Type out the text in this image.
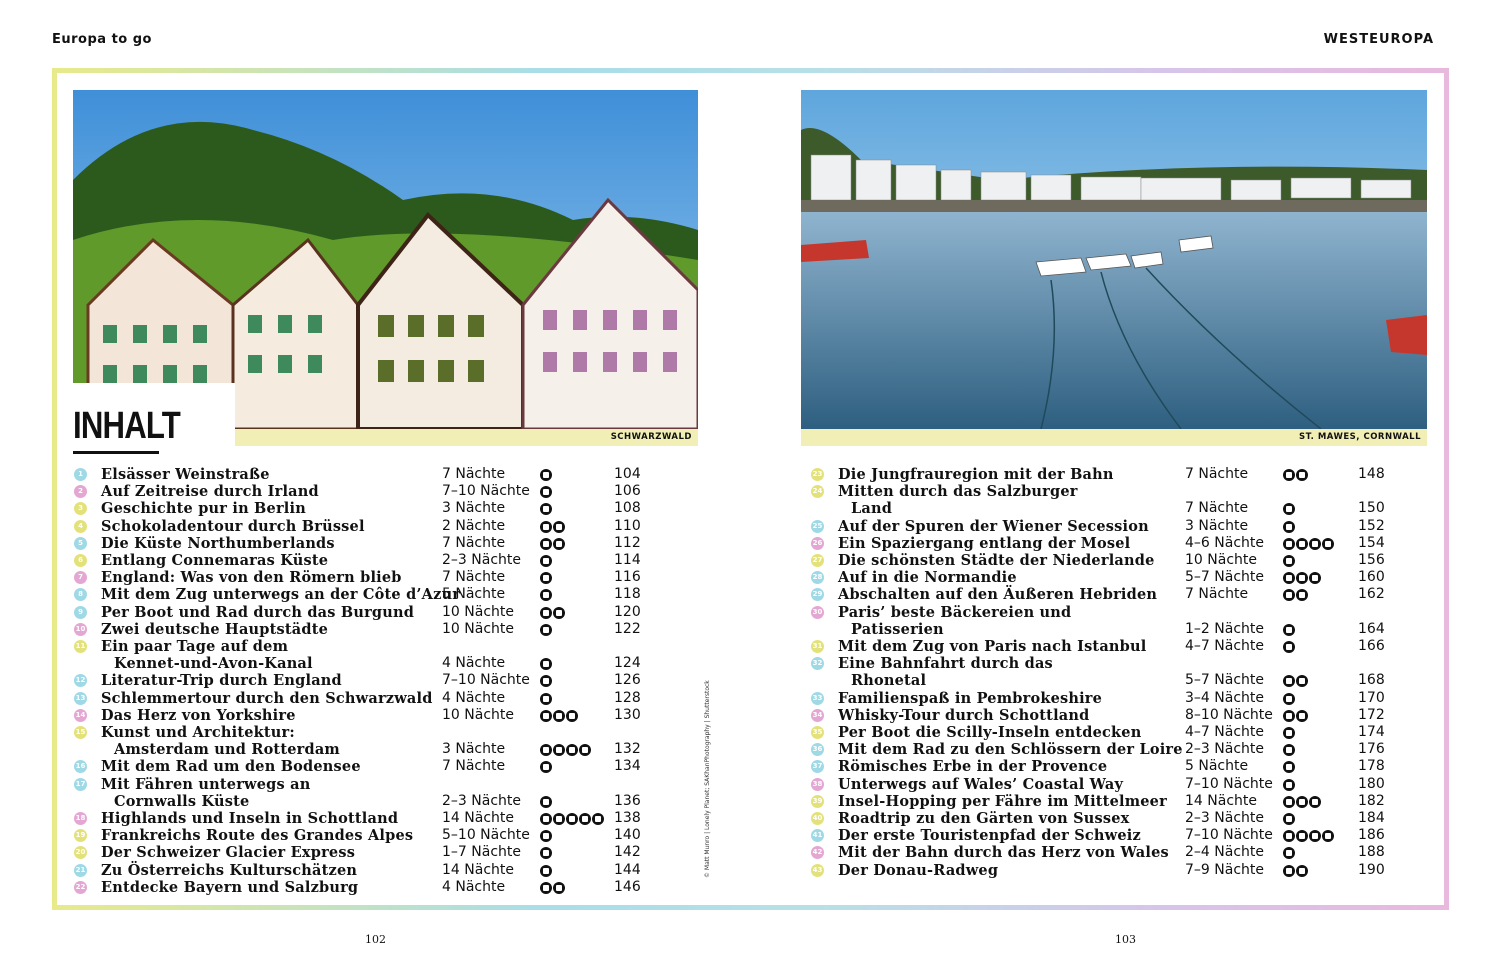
Europa to go	WESTEUROPA
SCHWARZWALD	ST. MAWES, CORNWALL
INHALT
1 Elsässer Weinstraße	7 Nächte	104
2 Auf Zeitreise durch Irland	7–10 Nächte	106
3 Geschichte pur in Berlin	3 Nächte	108
4 Schokoladentour durch Brüssel	2 Nächte	110
5 Die Küste Northumberlands	7 Nächte	112
6 Entlang Connemaras Küste	2–3 Nächte	114
7 England: Was von den Römern blieb	7 Nächte	116
8 Mit dem Zug unterwegs an der Côte d’Azur
5 Nächte	118
9 Per Boot und Rad durch das Burgund 10 Nächte	120
10 Zwei deutsche Hauptstädte	10 Nächte	122
11 Ein paar Tage auf dem
Kennet-und-Avon-Kanal	4 Nächte	124
12 Literatur-Trip durch England	7–10 Nächte	126
13 Schlemmertour durch den Schwarzwald 4 Nächte	128
14 Das Herz von Yorkshire	10 Nächte	130
15 Kunst und Architektur:
Amsterdam und Rotterdam	3 Nächte	132
16 Mit dem Rad um den Bodensee	7 Nächte	134
17 Mit Fähren unterwegs an
Cornwalls Küste	2–3 Nächte	136
18 Highlands und Inseln in Schottland	14 Nächte	138
19 Frankreichs Route des Grandes Alpes 5–10 Nächte	140
20 Der Schweizer Glacier Express	1–7 Nächte	142
21 Zu Österreichs Kulturschätzen	14 Nächte	144
22 Entdecke Bayern und Salzburg	4 Nächte	146
23 Die Jungfrauregion mit der Bahn	7 Nächte	148
24 Mitten durch das Salzburger
Land	7 Nächte	150
25 Auf der Spuren der Wiener Secession	3 Nächte	152
26 Ein Spaziergang entlang der Mosel	4–6 Nächte	154
27 Die schönsten Städte der Niederlande 10 Nächte	156
28 Auf in die Normandie	5–7 Nächte	160
29 Abschalten auf den Äußeren Hebriden 7 Nächte	162
30 Paris’ beste Bäckereien und
Patisserien	1–2 Nächte	164
31 Mit dem Zug von Paris nach Istanbul	4–7 Nächte	166
32 Eine Bahnfahrt durch das
Rhonetal	5–7 Nächte	168
33 Familienspaß in Pembrokeshire	3–4 Nächte	170
34 Whisky-Tour durch Schottland	8–10 Nächte	172
35 Per Boot die Scilly-Inseln entdecken	4–7 Nächte	174
36 Mit dem Rad zu den Schlössern der Loire 2–3 Nächte	176
37 Römisches Erbe in der Provence	5 Nächte	178
38 Unterwegs auf Wales’ Coastal Way	7–10 Nächte	180
39 Insel-Hopping per Fähre im Mittelmeer 14 Nächte	182
40 Roadtrip zu den Gärten von Sussex	2–3 Nächte	184
41 Der erste Touristenpfad der Schweiz	7–10 Nächte	186
42 Mit der Bahn durch das Herz von Wales 2–4 Nächte	188
43 Der Donau-Radweg	7–9 Nächte	190
© Matt Munro | Lonely Planet; SAKhanPhotography | Shutterstock
102	103
